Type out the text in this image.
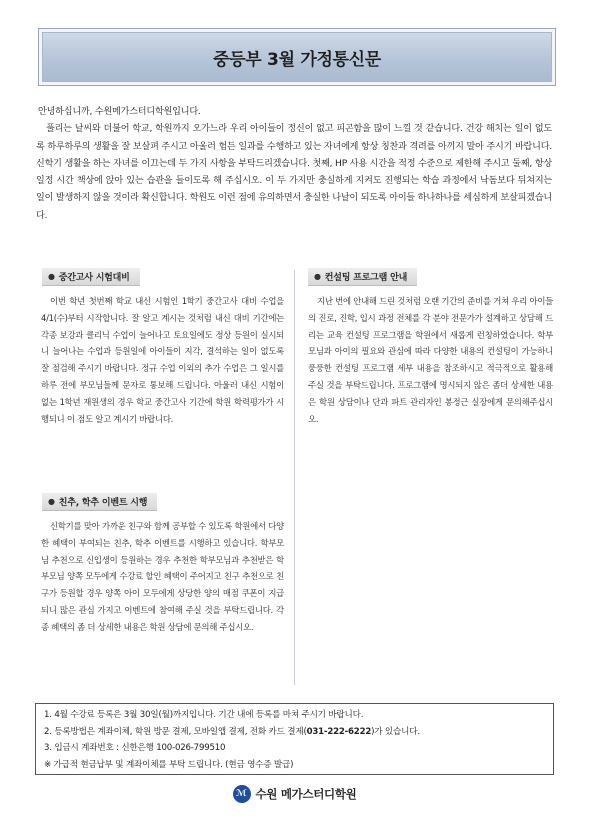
중등부 3월 가정통신문

안녕하십니까, 수원메가스터디학원입니다.

풀리는 날씨와 더불어 학교, 학원까지 오가느라 우리 아이들이 정신이 없고 피곤함을 많이 느낄 것 같습니다. 건강 해치는 일이 없도록 하루하루의 생활을 잘 보살펴 주시고 아울러 험든 일과를 수행하고 있는 자녀에게 항상 칭찬과 격려를 아끼지 말아 주시기 바랍니다. 신학기 생활을 하는 자녀를 이끄는데 두 가지 사항을 부탁드리겠습니다. 첫째, HP 사용 시간을 적정 수준으로 제한해 주시고 둘째, 항상 일정 시간 책상에 앉아 있는 습관을 들이도록 해 주십시오. 이 두 가지만 충실하게 지켜도 진행되는 학습 과정에서 낙돔보다 뒤쳐지는 일이 발생하지 않을 것이라 확신합니다. 학원도 이런 점에 유의하면서 충실한 나날이 되도록 아이들 하나하나를 세심하게 보살피겠습니다.

● 중간고사 시험대비
이번 학년 첫번째 학교 내신 시험인 1학기 중간고사 대비 수업을 4/1(수)부터 시작합니다. 잘 알고 계시는 것처럼 내신 대비 기간에는 각종 보강과 클리닉 수업이 늘어나고 토요일에도 정상 등원이 실시되니 늘어나는 수업과 등원일에 아이들이 지각, 결석하는 일이 없도록 잘 점검해 주시기 바랍니다. 정규 수업 이외의 추가 수업은 그 일시를 하루 전에 부모님들께 문자로 통보해 드립니다. 아울러 내신 시험이 없는 1학년 재원생의 경우 학교 중간고사 기간에 학원 학력평가가 시행되니 이 점도 알고 계시기 바랍니다.
● 친추, 학추 이벤트 시행
신학기를 맞아 가까운 친구와 함께 공부할 수 있도록 학원에서 다양한 혜택이 부여되는 친추, 학추 이벤트를 시행하고 있습니다. 학부모님 추천으로 신입생이 등원하는 경우 추천한 학부모님과 추천받은 학부모님 양쪽 모두에게 수강료 할인 혜택이 주어지고 친구 추천으로 친구가 등원할 경우 양쪽 아이 모두에게 상당한 양의 매점 쿠폰이 지급되니 많은 관심 가지고 이벤트에 참여해 주실 것을 부탁드립니다. 각종 혜택의 좀 더 상세한 내용은 학원 상담에 문의해 주십시오.
● 컨설팅 프로그램 안내
지난 번에 안내해 드린 것처럼 오랜 기간의 준비를 거쳐 우리 아이들의 진로, 진학, 입시 과정 전체를 각 분야 전문가가 설계하고 상담해 드리는 교육 컨설팅 프로그램을 학원에서 새롭게 런칭하였습니다. 학부모님과 아이의 필요와 관심에 따라 다양한 내용의 컨설팅이 가능하니 풍풍한 컨설팅 프로그램 세부 내용을 참조하시고 적극적으로 활용해 주실 것을 부탁드립니다. 프로그램에 명시되지 않은 좀더 상세한 내용은 학원 상담이나 단과 파트 관리자인 봉정근 실장에게 문의해주십시오.
1. 4월 수강료 등록은 3월 30일(월)까지입니다. 기간 내에 등록를 마쳐 주시기 바랍니다.
2. 등록방법은 계좌이체, 학원 방문 결제, 모바일앱 결제, 전화 카드 결제(031-222-6222)가 있습니다.
3. 입금시 계좌번호 : 신한은행 100-026-799510
※ 가급적 현금납부 및 계좌이체를 부탁 드립니다. (현금 영수증 발급)
ℳ 수원 메가스터디학원
